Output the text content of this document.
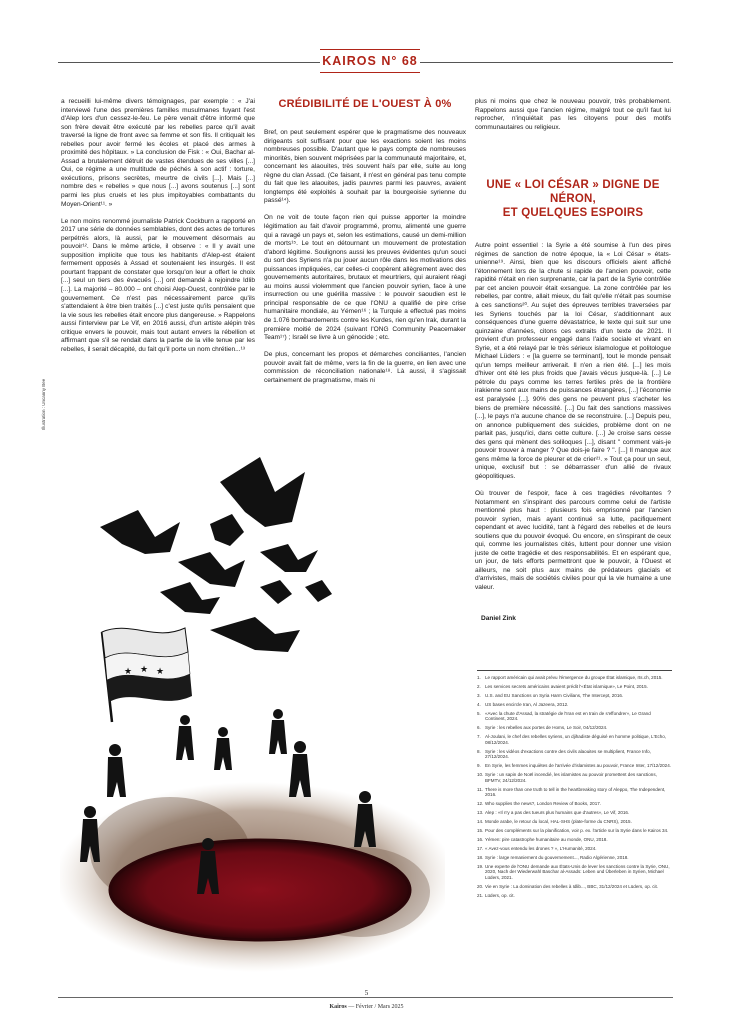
KAIROS N° 68

a recueilli lui-même divers témoignages, par exemple : « J'ai interviewé l'une des premières familles musulmanes fuyant l'est d'Alep lors d'un cessez-le-feu. Le père venait d'être informé que son frère devait être exécuté par les rebelles parce qu'il avait traversé la ligne de front avec sa femme et son fils. Il critiquait les rebelles pour avoir fermé les écoles et placé des armes à proximité des hôpitaux. » La conclusion de Fisk : « Oui, Bachar al-Assad a brutalement détruit de vastes étendues de ses villes [...] Oui, ce régime a une multitude de péchés à son actif : torture, exécutions, prisons secrètes, meurtre de civils [...]. Mais [...] nombre des « rebelles » que nous [...] avons soutenus [...] sont parmi les plus cruels et les plus impitoyables combattants du Moyen-Orient¹¹. »

Le non moins renommé journaliste Patrick Cockburn a rapporté en 2017 une série de données semblables, dont des actes de tortures perpétrés alors, là aussi, par le mouvement désormais au pouvoir¹². Dans le même article, il observe : « Il y avait une supposition implicite que tous les habitants d'Alep-est étaient fermement opposés à Assad et soutenaient les insurgés. Il est pourtant frappant de constater que lorsqu'on leur a offert le choix [...] seul un tiers des évacués [...] ont demandé à rejoindre Idlib [...]. La majorité – 80.000 – ont choisi Alep-Ouest, contrôlée par le gouvernement. Ce n'est pas nécessairement parce qu'ils s'attendaient à être bien traités [...] c'est juste qu'ils pensaient que la vie sous les rebelles était encore plus dangereuse. » Rappelons aussi l'interview par Le Vif, en 2016 aussi, d'un artiste alépin très critique envers le pouvoir, mais tout autant envers la rébellion et affirmant que s'il se rendait dans la partie de la ville tenue par les rebelles, il serait décapité, du fait qu'il porte un nom chrétien...¹³

Illustration : Uncanny Bee
CRÉDIBILITÉ DE L'OUEST À 0%

Bref, on peut seulement espérer que le pragmatisme des nouveaux dirigeants soit suffisant pour que les exactions soient les moins nombreuses possible. D'autant que le pays compte de nombreuses minorités, bien souvent méprisées par la communauté majoritaire, et, concernant les alaouites, très souvent haïs par elle, suite au long règne du clan Assad. (Ce faisant, il n'est en général pas tenu compte du fait que les alaouites, jadis pauvres parmi les pauvres, avaient longtemps été exploités à souhait par la bourgeoisie syrienne du passé¹⁴).

On ne voit de toute façon rien qui puisse apporter la moindre légitimation au fait d'avoir programmé, promu, alimenté une guerre qui a ravagé un pays et, selon les estimations, causé un demi-million de morts¹⁵. Le tout en détournant un mouvement de protestation d'abord légitime. Soulignons aussi les preuves évidentes qu'un souci du sort des Syriens n'a pu jouer aucun rôle dans les motivations des puissances impliquées, car celles-ci coopèrent allègrement avec des gouvernements autoritaires, brutaux et meurtriers, qui auraient réagi au moins aussi violemment que l'ancien pouvoir syrien, face à une insurrection ou une guérilla massive : le pouvoir saoudien est le principal responsable de ce que l'ONU a qualifié de pire crise humanitaire mondiale, au Yémen¹⁶ ; la Turquie a effectué pas moins de 1.076 bombardements contre les Kurdes, rien qu'en Irak, durant la première moitié de 2024 (suivant l'ONG Community Peacemaker Team¹⁷) ; Israël se livre à un génocide ; etc.

De plus, concernant les propos et démarches conciliantes, l'ancien pouvoir avait fait de même, vers la fin de la guerre, en lien avec une commission de réconciliation nationale¹⁸. Là aussi, il s'agissait certainement de pragmatisme, mais ni

plus ni moins que chez le nouveau pouvoir, très probablement. Rappelons aussi que l'ancien régime, malgré tout ce qu'il faut lui reprocher, n'inquiétait pas les citoyens pour des motifs communautaires ou religieux.

UNE « LOI CÉSAR » DIGNE DE NÉRON,
ET QUELQUES ESPOIRS

Autre point essentiel : la Syrie a été soumise à l'un des pires régimes de sanction de notre époque, la « Loi César » états-unienne¹⁹. Ainsi, bien que les discours officiels aient affiché l'étonnement lors de la chute si rapide de l'ancien pouvoir, cette rapidité n'était en rien surprenante, car la part de la Syrie contrôlée par cet ancien pouvoir était exsangue. La zone contrôlée par les rebelles, par contre, allait mieux, du fait qu'elle n'était pas soumise à ces sanctions²⁰. Au sujet des épreuves terribles traversées par les Syriens touchés par la loi César, s'additionnant aux conséquences d'une guerre dévastatrice, le texte qui suit sur une quinzaine d'années, citons ces extraits d'un texte de 2021. Il provient d'un professeur engagé dans l'aide sociale et vivant en Syrie, et a été relayé par le très sérieux islamologue et politologue Michael Lüders : « [la guerre se terminant], tout le monde pensait qu'un temps meilleur arriverait. Il n'en a rien été. [...] les mois d'hiver ont été les plus froids que j'avais vécus jusque-là. [...] Le pétrole du pays comme les terres fertiles près de la frontière irakienne sont aux mains de puissances étrangères, [...] l'économie est paralysée [...]. 90% des gens ne peuvent plus s'acheter les biens de première nécessité. [...] Du fait des sanctions massives [...], le pays n'a aucune chance de se reconstruire. [...] Depuis peu, on annonce publiquement des suicides, problème dont on ne parlait pas, jusqu'ici, dans cette culture. [...] Je croise sans cesse des gens qui mènent des soliloques [...], disant " comment vais-je pouvoir trouver à manger ? Que dois-je faire ? ". [...] Il manque aux gens même la force de pleurer et de crier²¹. » Tout ça pour un seul, unique, exclusif but : se débarrasser d'un allié de rivaux géopolitiques.

Où trouver de l'espoir, face à ces tragédies révoltantes ? Notamment en s'inspirant des parcours comme celui de l'artiste mentionné plus haut : plusieurs fois emprisonné par l'ancien pouvoir syrien, mais ayant continué sa lutte, pacifiquement cependant et avec lucidité, tant à l'égard des rebelles et de leurs soutiens que du pouvoir évoqué. Ou encore, en s'inspirant de ceux qui, comme les journalistes cités, luttent pour donner une vision juste de cette tragédie et des responsabilités. Et en espérant que, un jour, de tels efforts permettront que le pouvoir, à l'Ouest et ailleurs, ne soit plus aux mains de prédateurs glacials et d'arrivistes, mais de sociétés civiles pour qui la vie humaine a une valeur.

Daniel Zink
★ ★ ★
1. Le rapport américain qui avait prévu l'émergence du groupe État islamique, rts.ch, 2015.
2. Les services secrets américains avaient prédit l'«État islamique», Le Point, 2015.
3. U.S. and EU Sanctions on Syria Harm Civilians, The Intercept, 2016.
4. US bases encircle Iran, Al Jazeera, 2012.
5. «Avec la chute d'Assad, la stratégie de l'Iran est en train de s'effondrer», Le Grand Continent, 2024.
6. Syrie : les rebelles aux portes de Homs, Le Soir, 04/12/2024.
7. Al-Joulani, le chef des rebelles syriens, un djihadiste déguisé en homme politique, L'Echo, 08/12/2024.
8. Syrie : les vidéos d'exactions contre des civils alaouites se multiplient, France Info, 27/12/2024.
9. En Syrie, les femmes inquiètes de l'arrivée d'islamistes au pouvoir, France Inter, 17/12/2024.
10. Syrie : un sapin de Noël incendié, les islamistes au pouvoir promettent des sanctions, BFMTV, 24/12/2024.
11. There is more than one truth to tell in the heartbreaking story of Aleppo, The Independent, 2016.
12. Who supplies the news?, London Review of Books, 2017.
13. Alep : «Il n'y a pas des tueurs plus humains que d'autres», Le Vif, 2016.
14. Monde arabe, le retour du local, HAL-SHS (plate-forme du CNRS), 2015.
15. Pour des compléments sur la planification, voir p. ex. l'article sur la Syrie dans le Kairos 34.
16. Yémen: pire catastrophe humanitaire au monde, ONU, 2018.
17. « Avez-vous entendu les drones ? », L'Humanité, 2024.
18. Syrie : large remaniement du gouvernement..., Radio Algérienne, 2018.
19. Une experte de l'ONU demande aux États-Unis de lever les sanctions contre la Syrie, ONU, 2020, Nach der Wiederwahl Baschar al-Assads: Leben und Überleben in Syrien, Michael Lüders, 2021.
20. Vie en Syrie : La domination des rebelles à Idlib..., BBC, 31/12/2024 et Lüders, op. cit.
21. Lüders, op. cit.
5
Kairos — Février / Mars 2025
